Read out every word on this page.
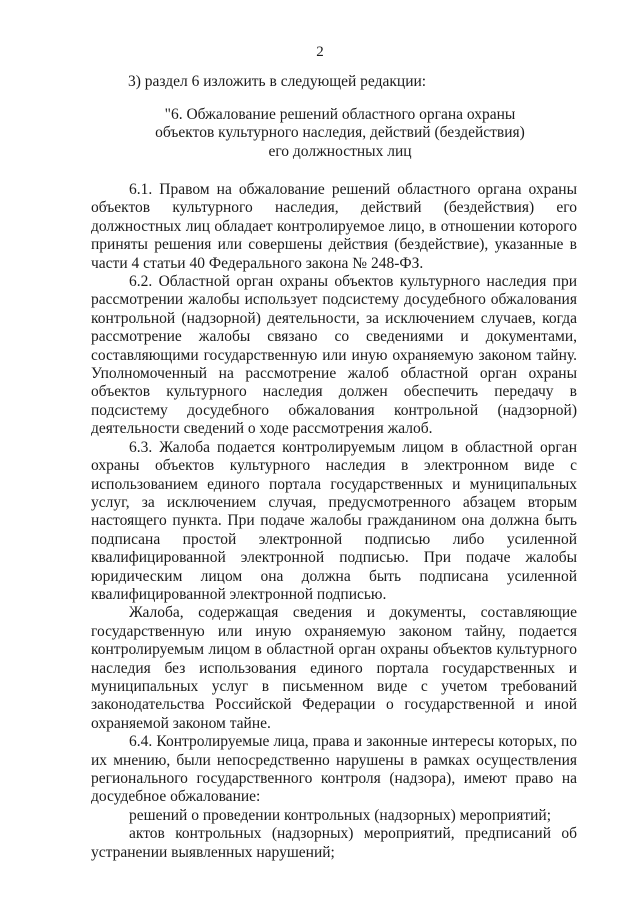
2
3) раздел 6 изложить в следующей редакции:
"6. Обжалование решений областного органа охраны
объектов культурного наследия, действий (бездействия)
его должностных лиц

6.1. Правом на обжалование решений областного органа охраны объектов культурного наследия, действий (бездействия) его должностных лиц обладает контролируемое лицо, в отношении которого приняты решения или совершены действия (бездействие), указанные в части 4 статьи 40 Федерального закона № 248-ФЗ.

6.2. Областной орган охраны объектов культурного наследия при рассмотрении жалобы использует подсистему досудебного обжалования контрольной (надзорной) деятельности, за исключением случаев, когда рассмотрение жалобы связано со сведениями и документами, составляющими государственную или иную охраняемую законом тайну. Уполномоченный на рассмотрение жалоб областной орган охраны объектов культурного наследия должен обеспечить передачу в подсистему досудебного обжалования контрольной (надзорной) деятельности сведений о ходе рассмотрения жалоб.

6.3. Жалоба подается контролируемым лицом в областной орган охраны объектов культурного наследия в электронном виде с использованием единого портала государственных и муниципальных услуг, за исключением случая, предусмотренного абзацем вторым настоящего пункта. При подаче жалобы гражданином она должна быть подписана простой электронной подписью либо усиленной квалифицированной электронной подписью. При подаче жалобы юридическим лицом она должна быть подписана усиленной квалифицированной электронной подписью.

Жалоба, содержащая сведения и документы, составляющие государственную или иную охраняемую законом тайну, подается контролируемым лицом в областной орган охраны объектов культурного наследия без использования единого портала государственных и муниципальных услуг в письменном виде с учетом требований законодательства Российской Федерации о государственной и иной охраняемой законом тайне.

6.4. Контролируемые лица, права и законные интересы которых, по их мнению, были непосредственно нарушены в рамках осуществления регионального государственного контроля (надзора), имеют право на досудебное обжалование:

решений о проведении контрольных (надзорных) мероприятий;

актов контрольных (надзорных) мероприятий, предписаний об устранении выявленных нарушений;
